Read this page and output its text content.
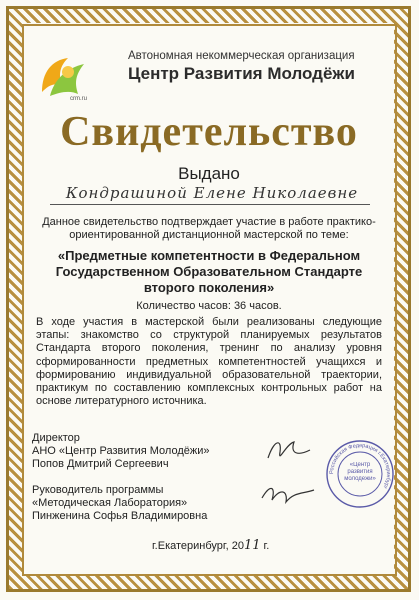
crm.ru
Автономная некоммерческая организация
Центр Развития Молодёжи
Свидетельство
Выдано
Кондрашиной Елене Николаевне
Данное свидетельство подтверждает участие в работе практико-ориентированной дистанционной мастерской по теме:
«Предметные компетентности в Федеральном Государственном Образовательном Стандарте второго поколения»
Количество часов: 36 часов.
В ходе участия в мастерской были реализованы следующие этапы: знакомство со структурой планируемых результатов Стандарта второго поколения, тренинг по анализу уровня сформированности предметных компетентностей учащихся и формированию индивидуальной образовательной траектории, практикум по составлению комплексных контрольных работ на основе литературного источника.
Директор
АНО «Центр Развития Молодёжи»
Попов Дмитрий Сергеевич
Руководитель программы
«Методическая Лаборатория»
Пинженина Софья Владимировна
Российская Федерация г.Екатеринбург
«Центр развития молодежи»
г.Екатеринбург, 2011 г.
